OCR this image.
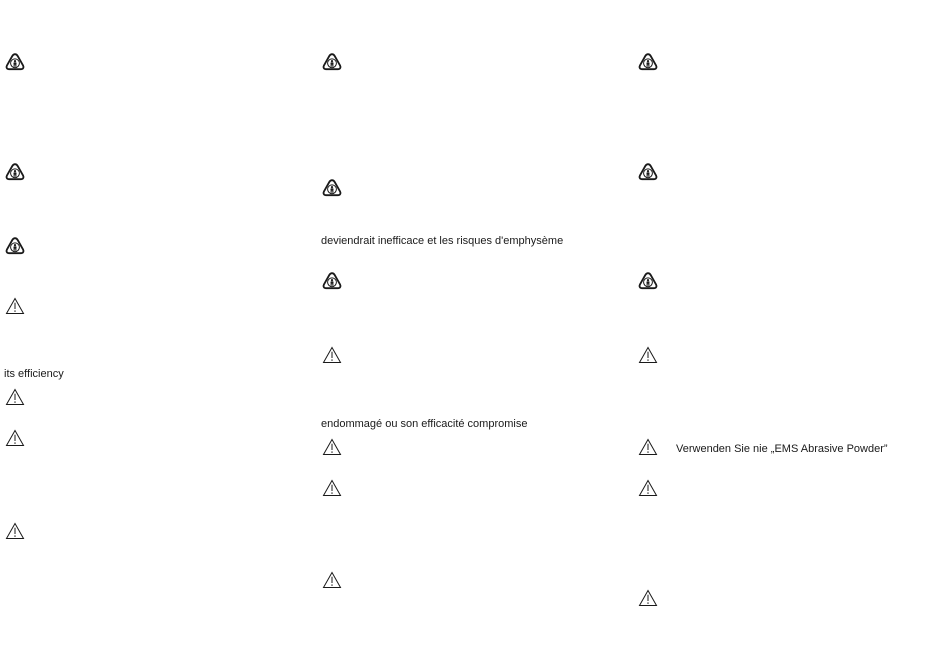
its efficiency
deviendrait inefficace et les risques d'emphysème
endommagé ou son efficacité compromise
Verwenden Sie nie „EMS Abrasive Powder”
